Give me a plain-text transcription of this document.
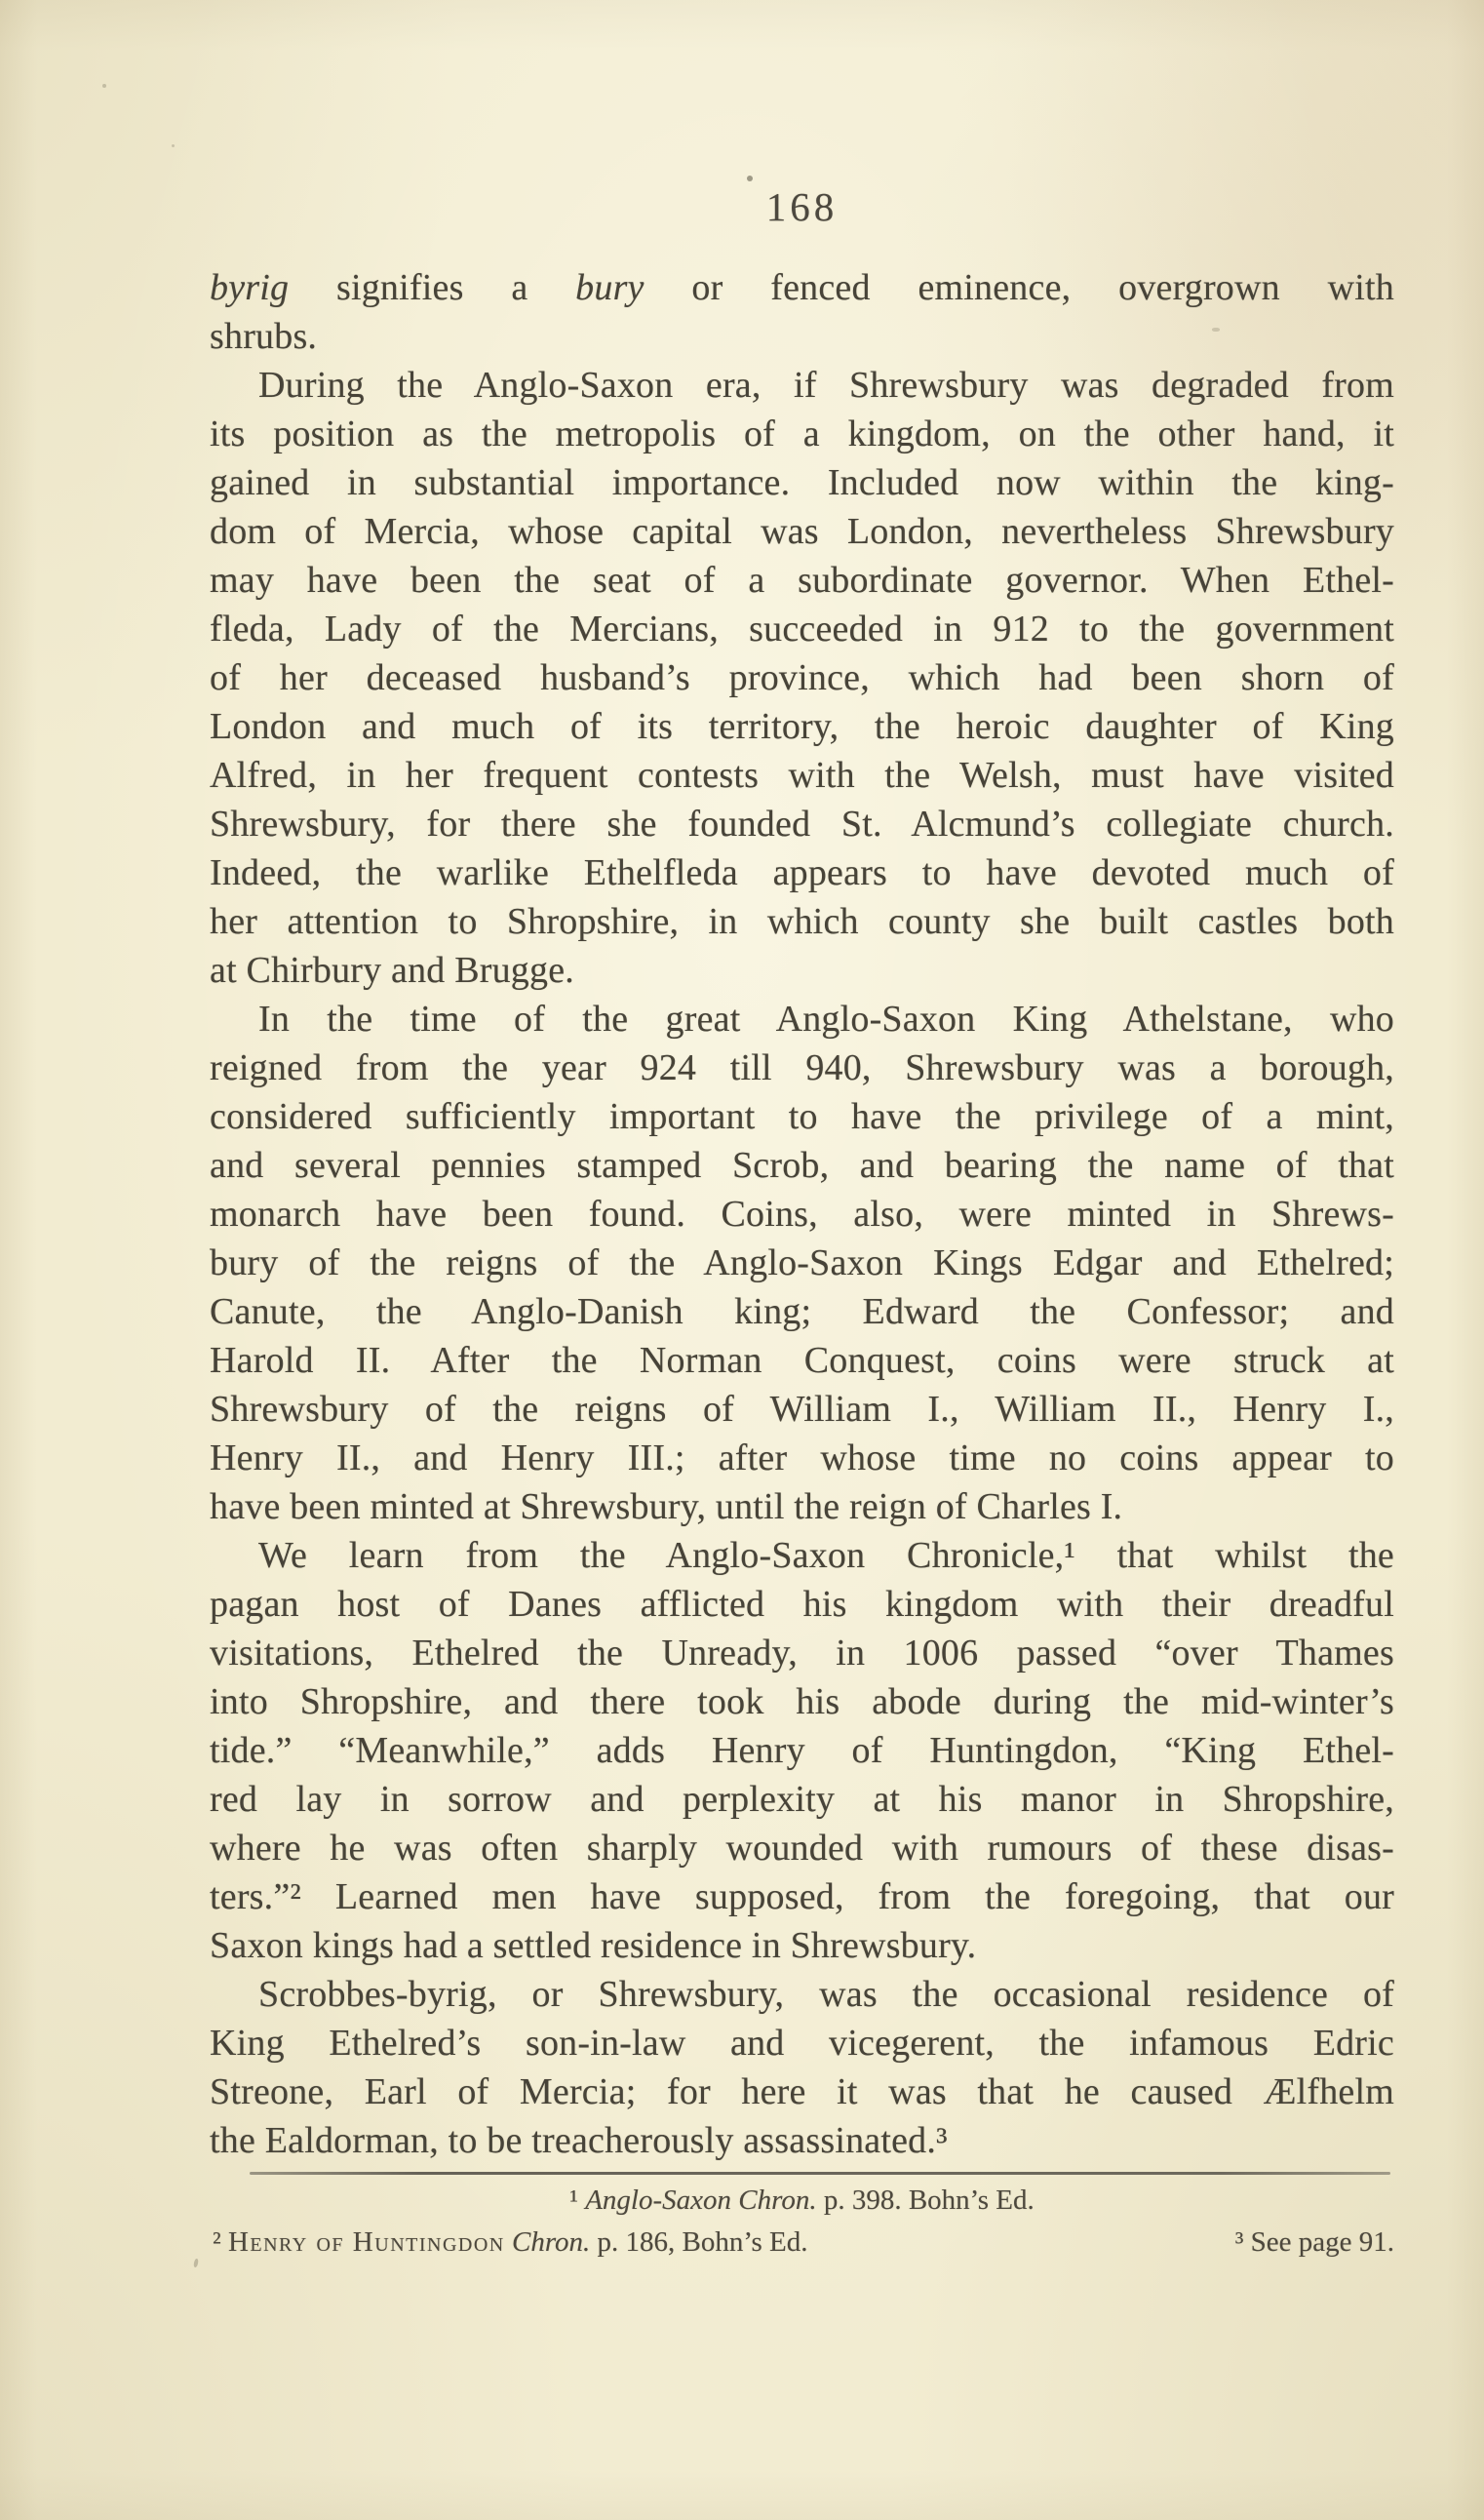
168
byrig signifies a bury or fenced eminence, overgrown with
shrubs.
During the Anglo-Saxon era, if Shrewsbury was degraded from
its position as the metropolis of a kingdom, on the other hand, it
gained in substantial importance. Included now within the king-
dom of Mercia, whose capital was London, nevertheless Shrewsbury
may have been the seat of a subordinate governor. When Ethel-
fleda, Lady of the Mercians, succeeded in 912 to the government
of her deceased husband’s province, which had been shorn of
London and much of its territory, the heroic daughter of King
Alfred, in her frequent contests with the Welsh, must have visited
Shrewsbury, for there she founded St. Alcmund’s collegiate church.
Indeed, the warlike Ethelfleda appears to have devoted much of
her attention to Shropshire, in which county she built castles both
at Chirbury and Brugge.
In the time of the great Anglo-Saxon King Athelstane, who
reigned from the year 924 till 940, Shrewsbury was a borough,
considered sufficiently important to have the privilege of a mint,
and several pennies stamped Scrob, and bearing the name of that
monarch have been found. Coins, also, were minted in Shrews-
bury of the reigns of the Anglo-Saxon Kings Edgar and Ethelred;
Canute, the Anglo-Danish king; Edward the Confessor; and
Harold II. After the Norman Conquest, coins were struck at
Shrewsbury of the reigns of William I., William II., Henry I.,
Henry II., and Henry III.; after whose time no coins appear to
have been minted at Shrewsbury, until the reign of Charles I.
We learn from the Anglo-Saxon Chronicle,¹ that whilst the
pagan host of Danes afflicted his kingdom with their dreadful
visitations, Ethelred the Unready, in 1006 passed “over Thames
into Shropshire, and there took his abode during the mid-winter’s
tide.” “Meanwhile,” adds Henry of Huntingdon, “King Ethel-
red lay in sorrow and perplexity at his manor in Shropshire,
where he was often sharply wounded with rumours of these disas-
ters.”² Learned men have supposed, from the foregoing, that our
Saxon kings had a settled residence in Shrewsbury.
Scrobbes-byrig, or Shrewsbury, was the occasional residence of
King Ethelred’s son-in-law and vicegerent, the infamous Edric
Streone, Earl of Mercia; for here it was that he caused Ælfhelm
the Ealdorman, to be treacherously assassinated.³
¹ Anglo-Saxon Chron. p. 398. Bohn’s Ed.
² Henry of Huntingdon Chron. p. 186, Bohn’s Ed.	³ See page 91.
